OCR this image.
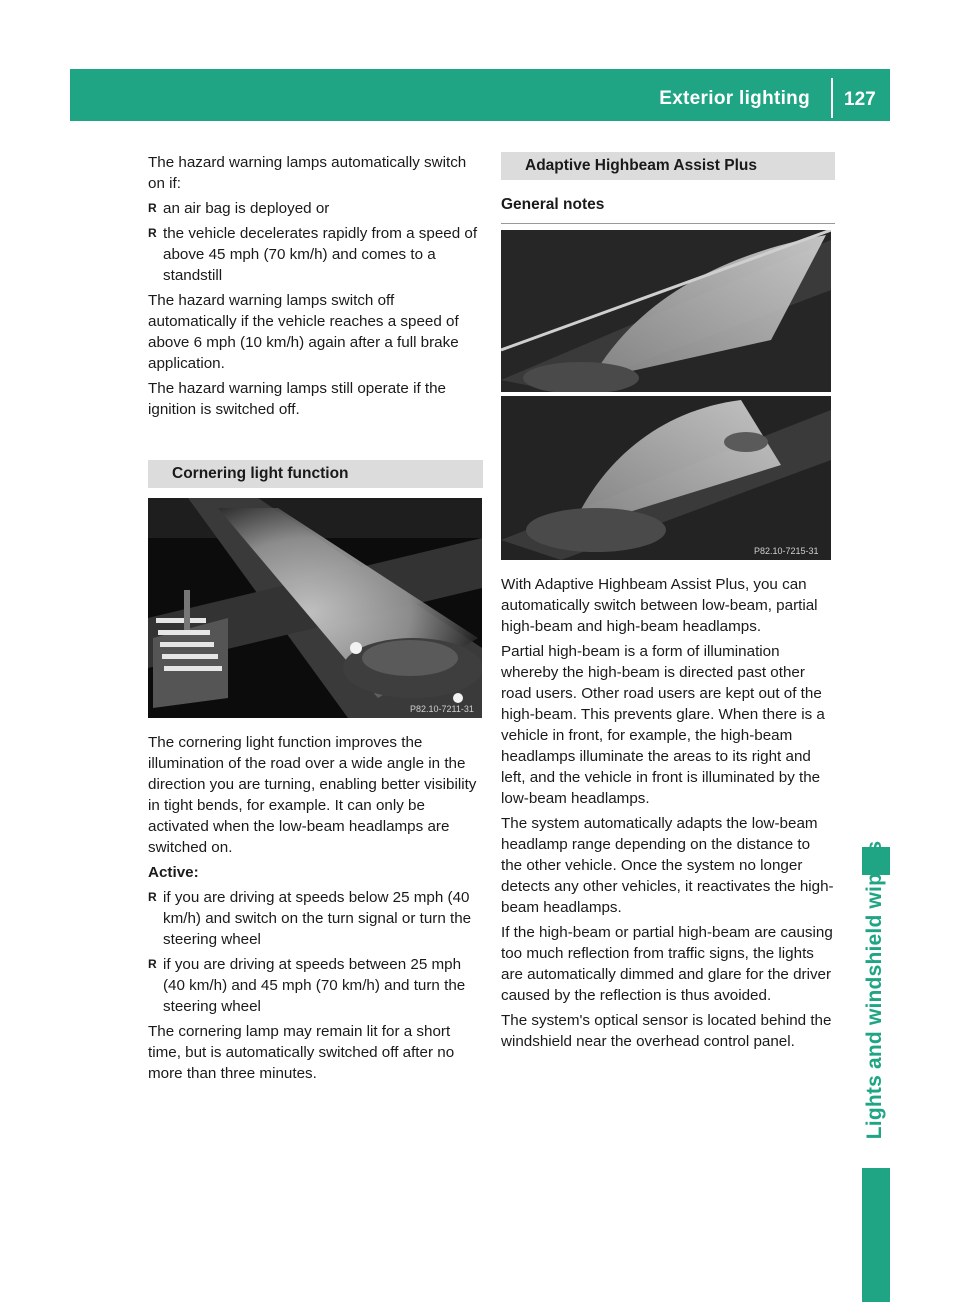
Exterior lighting 127
Lights and windshield wipers

The hazard warning lamps automatically switch on if:

R an air bag is deployed or
R the vehicle decelerates rapidly from a speed of above 45 mph (70 km/h) and comes to a standstill

The hazard warning lamps switch off automatically if the vehicle reaches a speed of above 6 mph (10 km/h) again after a full brake application.

The hazard warning lamps still operate if the ignition is switched off.

Cornering light function
P82.10-7211-31

The cornering light function improves the illumination of the road over a wide angle in the direction you are turning, enabling better visibility in tight bends, for example. It can only be activated when the low-beam headlamps are switched on.

Active:

R if you are driving at speeds below 25 mph (40 km/h) and switch on the turn signal or turn the steering wheel
R if you are driving at speeds between 25 mph (40 km/h) and 45 mph (70 km/h) and turn the steering wheel

The cornering lamp may remain lit for a short time, but is automatically switched off after no more than three minutes.

Adaptive Highbeam Assist Plus
General notes
P82.10-7215-31

With Adaptive Highbeam Assist Plus, you can automatically switch between low-beam, partial high-beam and high-beam headlamps.

Partial high-beam is a form of illumination whereby the high-beam is directed past other road users. Other road users are kept out of the high-beam. This prevents glare. When there is a vehicle in front, for example, the high-beam headlamps illuminate the areas to its right and left, and the vehicle in front is illuminated by the low-beam headlamps.

The system automatically adapts the low-beam headlamp range depending on the distance to the other vehicle. Once the system no longer detects any other vehicles, it reactivates the high-beam headlamps.

If the high-beam or partial high-beam are causing too much reflection from traffic signs, the lights are automatically dimmed and glare for the driver caused by the reflection is thus avoided.

The system's optical sensor is located behind the windshield near the overhead control panel.
